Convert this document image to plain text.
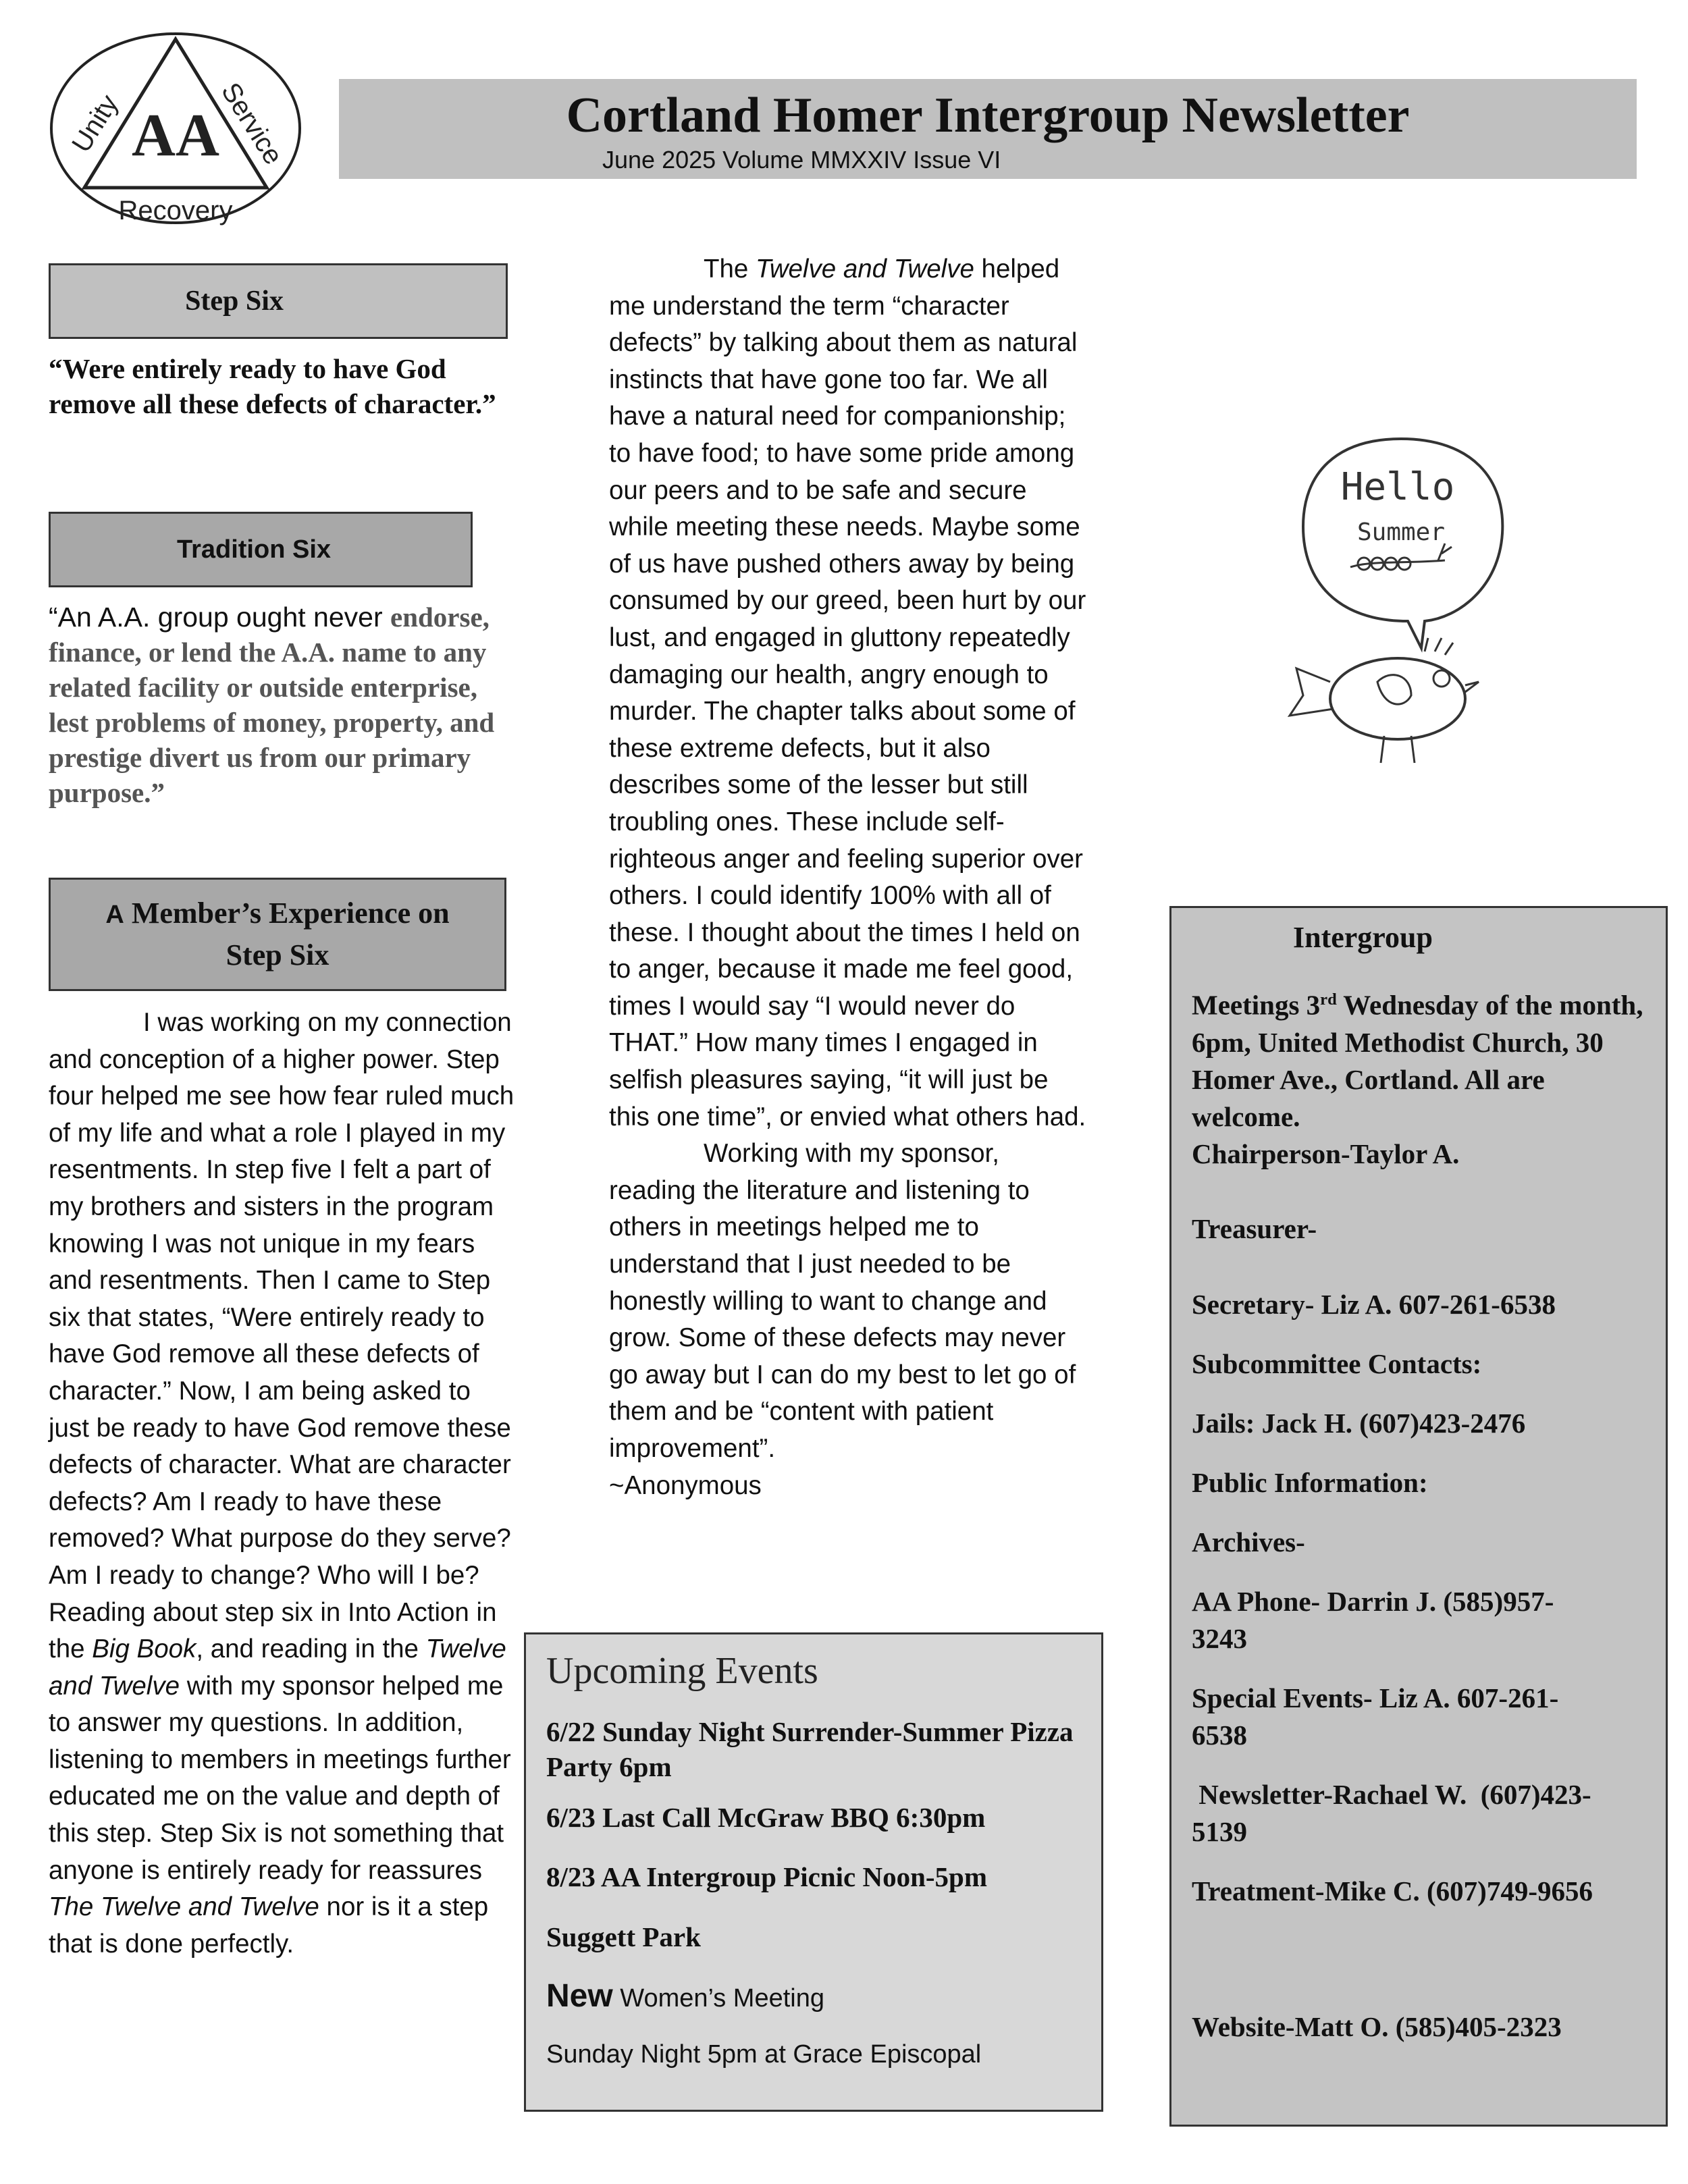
AA
Unity	Service
Recovery
Cortland Homer Intergroup Newsletter
June 2025 Volume MMXXIV Issue VI
Step Six
“Were entirely ready to have God remove all these defects of character.”
Tradition Six
“An A.A. group ought never endorse, finance, or lend the A.A. name to any related facility or outside enterprise, lest problems of money, property, and prestige divert us from our primary purpose.”
A Member’s Experience on
Step Six

I was working on my connection and conception of a higher power. Step four helped me see how fear ruled much of my life and what a role I played in my resentments. In step five I felt a part of my brothers and sisters in the program knowing I was not unique in my fears and resentments. Then I came to Step six that states, “Were entirely ready to have God remove all these defects of character.” Now, I am being asked to just be ready to have God remove these defects of character. What are character defects? Am I ready to have these removed? What purpose do they serve? Am I ready to change? Who will I be? Reading about step six in Into Action in the Big Book, and reading in the Twelve and Twelve with my sponsor helped me to answer my questions. In addition, listening to members in meetings further educated me on the value and depth of this step. Step Six is not something that anyone is entirely ready for reassures The Twelve and Twelve nor is it a step that is done perfectly.

The Twelve and Twelve helped me understand the term “character defects” by talking about them as natural instincts that have gone too far. We all have a natural need for companionship; to have food; to have some pride among our peers and to be safe and secure while meeting these needs. Maybe some of us have pushed others away by being consumed by our greed, been hurt by our lust, and engaged in gluttony repeatedly damaging our health, angry enough to murder. The chapter talks about some of these extreme defects, but it also describes some of the lesser but still troubling ones. These include self-righteous anger and feeling superior over others. I could identify 100% with all of these. I thought about the times I held on to anger, because it made me feel good, times I would say “I would never do THAT.” How many times I engaged in selfish pleasures saying, “it will just be this one time”, or envied what others had.

Working with my sponsor, reading the literature and listening to others in meetings helped me to understand that I just needed to be honestly willing to want to change and grow. Some of these defects may never go away but I can do my best to let go of them and be “content with patient improvement”.

~Anonymous

Hello
Summer
Upcoming Events
6/22 Sunday Night Surrender-Summer Pizza Party 6pm
6/23 Last Call McGraw BBQ 6:30pm
8/23 AA Intergroup Picnic Noon-5pm
Suggett Park
New Women’s Meeting
Sunday Night 5pm at Grace Episcopal
Intergroup
Meetings 3rd Wednesday of the month,
6pm, United Methodist Church, 30 Homer Ave., Cortland. All are welcome.
Chairperson-Taylor A.
Treasurer-
Secretary- Liz A. 607-261-6538
Subcommittee Contacts:
Jails: Jack H. (607)423-2476
Public Information:
Archives-
AA Phone- Darrin J. (585)957-3243
Special Events- Liz A. 607-261-6538
Newsletter-Rachael W.  (607)423-5139
Treatment-Mike C. (607)749-9656
Website-Matt O. (585)405-2323
